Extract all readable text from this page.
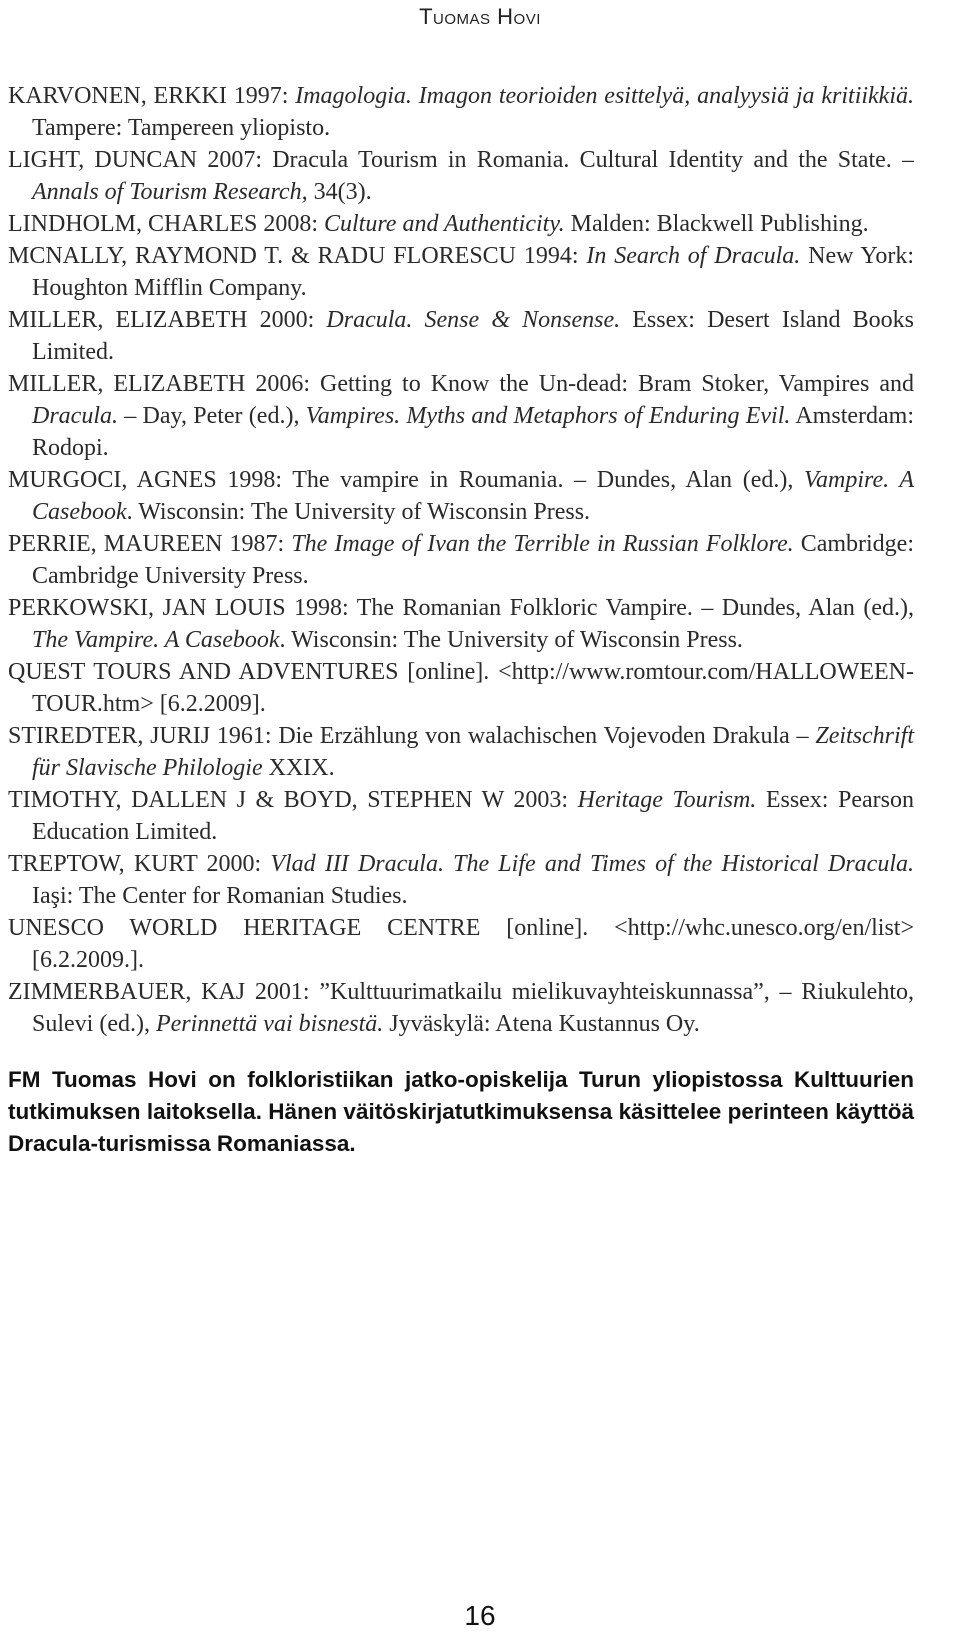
Tuomas Hovi

KARVONEN, ERKKI 1997: Imagologia. Imagon teorioiden esittelyä, analyysiä ja kritiikkiä. Tampere: Tampereen yliopisto.

LIGHT, DUNCAN 2007: Dracula Tourism in Romania. Cultural Identity and the State. – Annals of Tourism Research, 34(3).

LINDHOLM, CHARLES 2008: Culture and Authenticity. Malden: Blackwell Publishing.

MCNALLY, RAYMOND T. & RADU FLORESCU 1994: In Search of Dracula. New York: Houghton Mifflin Company.

MILLER, ELIZABETH 2000: Dracula. Sense & Nonsense. Essex: Desert Island Books Limited.

MILLER, ELIZABETH 2006: Getting to Know the Un-dead: Bram Stoker, Vampires and Dracula. – Day, Peter (ed.), Vampires. Myths and Metaphors of Enduring Evil. Amsterdam: Rodopi.

MURGOCI, AGNES 1998: The vampire in Roumania. – Dundes, Alan (ed.), Vampire. A Casebook. Wisconsin: The University of Wisconsin Press.

PERRIE, MAUREEN 1987: The Image of Ivan the Terrible in Russian Folklore. Cambridge: Cambridge University Press.

PERKOWSKI, JAN LOUIS 1998: The Romanian Folkloric Vampire. – Dundes, Alan (ed.), The Vampire. A Casebook. Wisconsin: The University of Wisconsin Press.

QUEST TOURS AND ADVENTURES [online]. <http://www.romtour.com/HALLOWEEN-TOUR.htm> [6.2.2009].

STIREDTER, JURIJ 1961: Die Erzählung von walachischen Vojevoden Drakula – Zeitschrift für Slavische Philologie XXIX.

TIMOTHY, DALLEN J & BOYD, STEPHEN W 2003: Heritage Tourism. Essex: Pearson Education Limited.

TREPTOW, KURT 2000: Vlad III Dracula. The Life and Times of the Historical Dracula. Iaşi: The Center for Romanian Studies.

UNESCO WORLD HERITAGE CENTRE [online]. <http://whc.unesco.org/en/list> [6.2.2009.].

ZIMMERBAUER, KAJ 2001: ”Kulttuurimatkailu mielikuvayhteiskunnassa”, – Riukulehto, Sulevi (ed.), Perinnettä vai bisnestä. Jyväskylä: Atena Kustannus Oy.

FM Tuomas Hovi on folkloristiikan jatko-opiskelija Turun yliopistossa Kulttuurien tutkimuksen laitoksella. Hänen väitöskirjatutkimuksensa käsittelee perinteen käyttöä Dracula-turismissa Romaniassa.
16
